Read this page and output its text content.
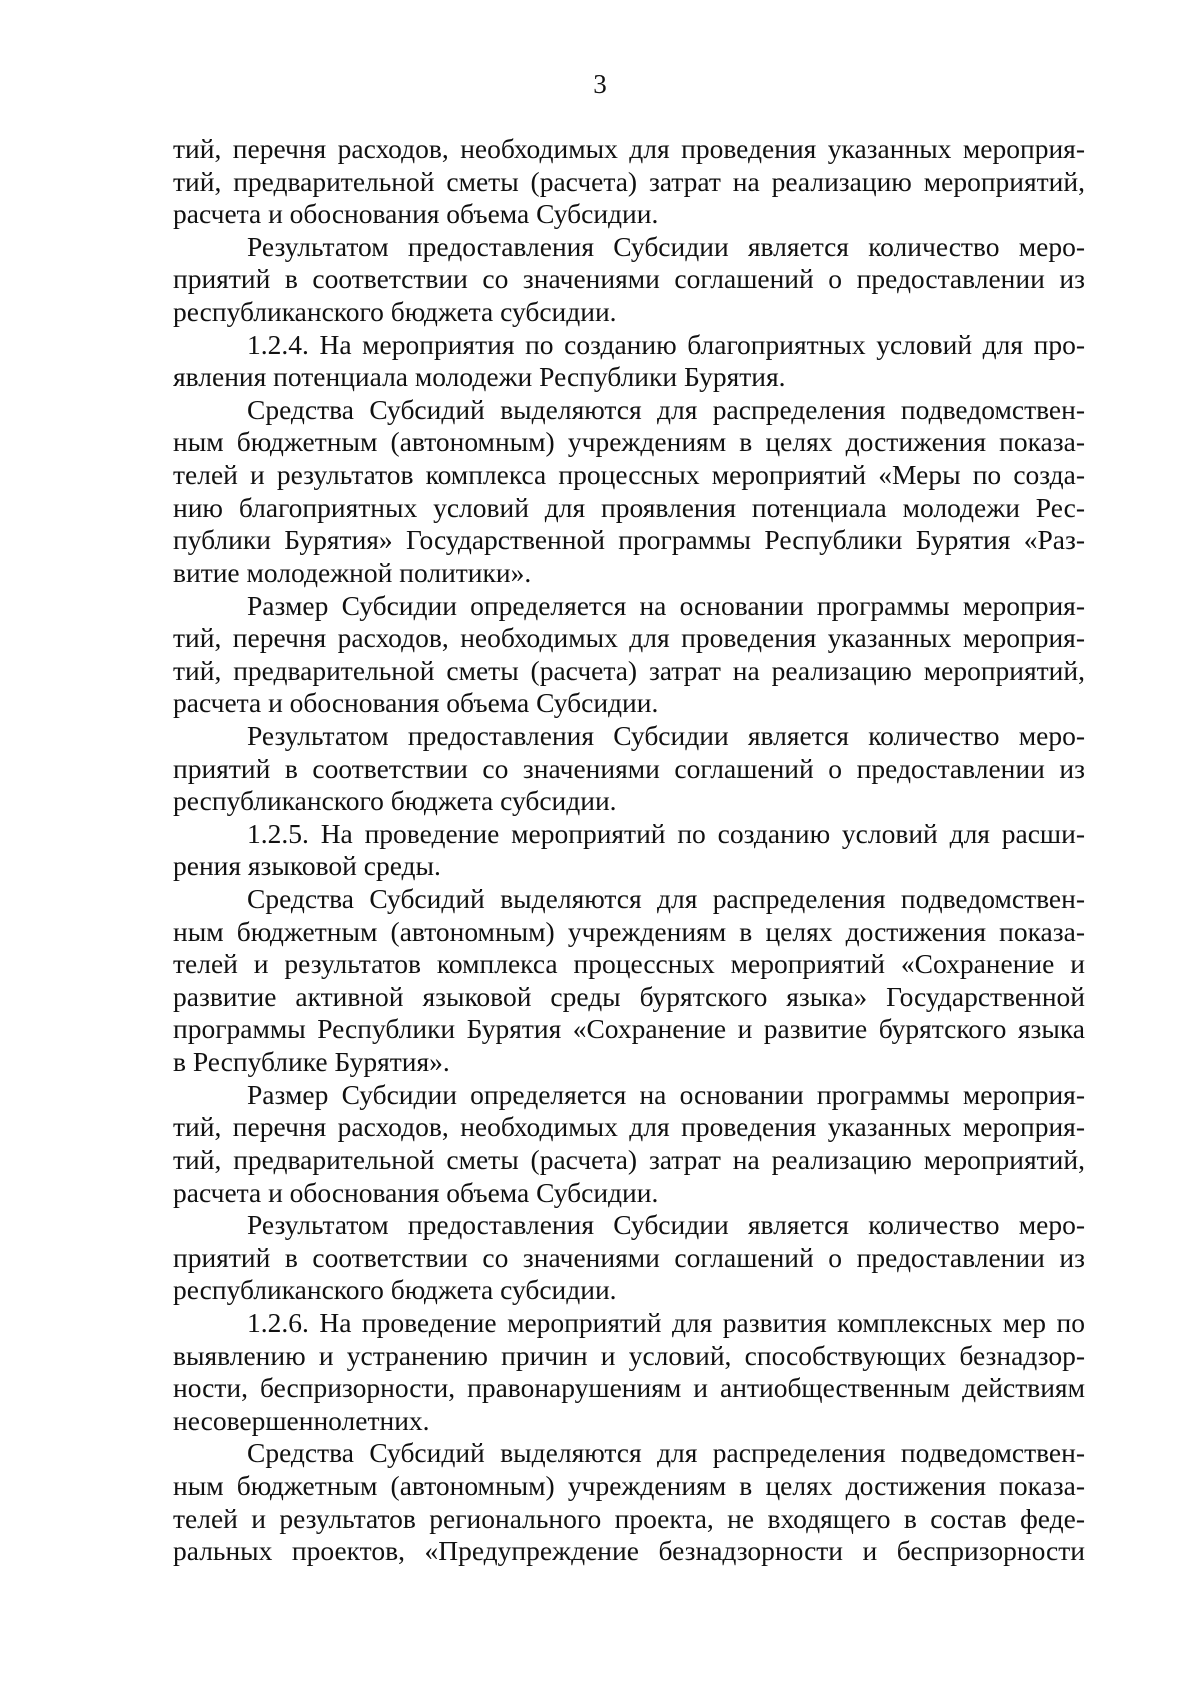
3
тий, перечня расходов, необходимых для проведения указанных мероприя-
тий, предварительной сметы (расчета) затрат на реализацию мероприятий,
расчета и обоснования объема Субсидии.
Результатом предоставления Субсидии является количество меро-
приятий в соответствии со значениями соглашений о предоставлении из
республиканского бюджета субсидии.
1.2.4. На мероприятия по созданию благоприятных условий для про-
явления потенциала молодежи Республики Бурятия.
Средства Субсидий выделяются для распределения подведомствен-
ным бюджетным (автономным) учреждениям в целях достижения показа-
телей и результатов комплекса процессных мероприятий «Меры по созда-
нию благоприятных условий для проявления потенциала молодежи Рес-
публики Бурятия» Государственной программы Республики Бурятия «Раз-
витие молодежной политики».
Размер Субсидии определяется на основании программы мероприя-
тий, перечня расходов, необходимых для проведения указанных мероприя-
тий, предварительной сметы (расчета) затрат на реализацию мероприятий,
расчета и обоснования объема Субсидии.
Результатом предоставления Субсидии является количество меро-
приятий в соответствии со значениями соглашений о предоставлении из
республиканского бюджета субсидии.
1.2.5. На проведение мероприятий по созданию условий для расши-
рения языковой среды.
Средства Субсидий выделяются для распределения подведомствен-
ным бюджетным (автономным) учреждениям в целях достижения показа-
телей и результатов комплекса процессных мероприятий «Сохранение и
развитие активной языковой среды бурятского языка» Государственной
программы Республики Бурятия «Сохранение и развитие бурятского языка
в Республике Бурятия».
Размер Субсидии определяется на основании программы мероприя-
тий, перечня расходов, необходимых для проведения указанных мероприя-
тий, предварительной сметы (расчета) затрат на реализацию мероприятий,
расчета и обоснования объема Субсидии.
Результатом предоставления Субсидии является количество меро-
приятий в соответствии со значениями соглашений о предоставлении из
республиканского бюджета субсидии.
1.2.6. На проведение мероприятий для развития комплексных мер по
выявлению и устранению причин и условий, способствующих безнадзор-
ности, беспризорности, правонарушениям и антиобщественным действиям
несовершеннолетних.
Средства Субсидий выделяются для распределения подведомствен-
ным бюджетным (автономным) учреждениям в целях достижения показа-
телей и результатов регионального проекта, не входящего в состав феде-
ральных проектов, «Предупреждение безнадзорности и беспризорности
